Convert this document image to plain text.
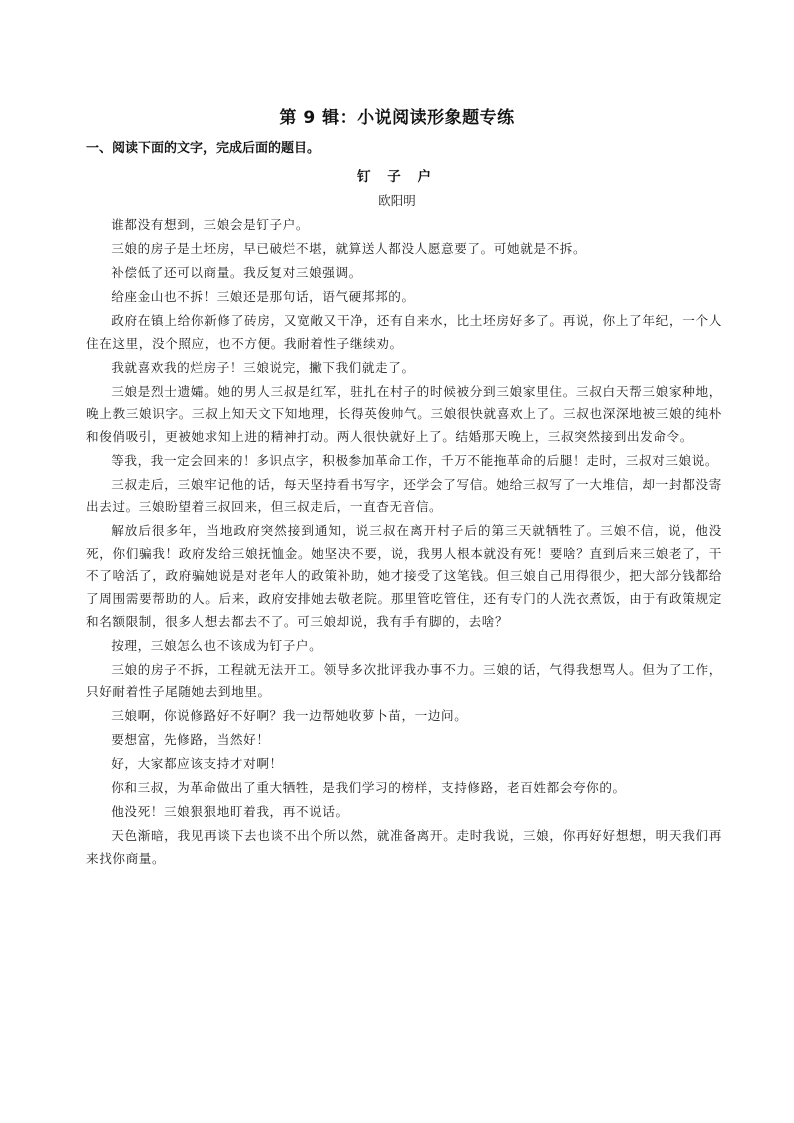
第 9 辑：小说阅读形象题专练
一、阅读下面的文字，完成后面的题目。
钉 子 户
欧阳明

谁都没有想到，三娘会是钉子户。

三娘的房子是土坯房，早已破烂不堪，就算送人都没人愿意要了。可她就是不拆。

补偿低了还可以商量。我反复对三娘强调。

给座金山也不拆！三娘还是那句话，语气硬邦邦的。

政府在镇上给你新修了砖房，又宽敞又干净，还有自来水，比土坯房好多了。再说，你上了年纪，一个人住在这里，没个照应，也不方便。我耐着性子继续劝。

我就喜欢我的烂房子！三娘说完，撇下我们就走了。

三娘是烈士遗孀。她的男人三叔是红军，驻扎在村子的时候被分到三娘家里住。三叔白天帮三娘家种地，晚上教三娘识字。三叔上知天文下知地理，长得英俊帅气。三娘很快就喜欢上了。三叔也深深地被三娘的纯朴和俊俏吸引，更被她求知上进的精神打动。两人很快就好上了。结婚那天晚上，三叔突然接到出发命令。

等我，我一定会回来的！多识点字，积极参加革命工作，千万不能拖革命的后腿！走时，三叔对三娘说。

三叔走后，三娘牢记他的话，每天坚持看书写字，还学会了写信。她给三叔写了一大堆信，却一封都没寄出去过。三娘盼望着三叔回来，但三叔走后，一直杳无音信。

解放后很多年，当地政府突然接到通知，说三叔在离开村子后的第三天就牺牲了。三娘不信，说，他没死，你们骗我！政府发给三娘抚恤金。她坚决不要，说，我男人根本就没有死！要啥？直到后来三娘老了，干不了啥活了，政府骗她说是对老年人的政策补助，她才接受了这笔钱。但三娘自己用得很少，把大部分钱都给了周围需要帮助的人。后来，政府安排她去敬老院。那里管吃管住，还有专门的人洗衣煮饭，由于有政策规定和名额限制，很多人想去都去不了。可三娘却说，我有手有脚的，去啥？

按理，三娘怎么也不该成为钉子户。

三娘的房子不拆，工程就无法开工。领导多次批评我办事不力。三娘的话，气得我想骂人。但为了工作，只好耐着性子尾随她去到地里。

三娘啊，你说修路好不好啊？我一边帮她收萝卜苗，一边问。

要想富，先修路，当然好！

好，大家都应该支持才对啊！

你和三叔，为革命做出了重大牺牲，是我们学习的榜样，支持修路，老百姓都会夸你的。

他没死！三娘狠狠地盯着我，再不说话。

天色渐暗，我见再谈下去也谈不出个所以然，就准备离开。走时我说，三娘，你再好好想想，明天我们再来找你商量。
